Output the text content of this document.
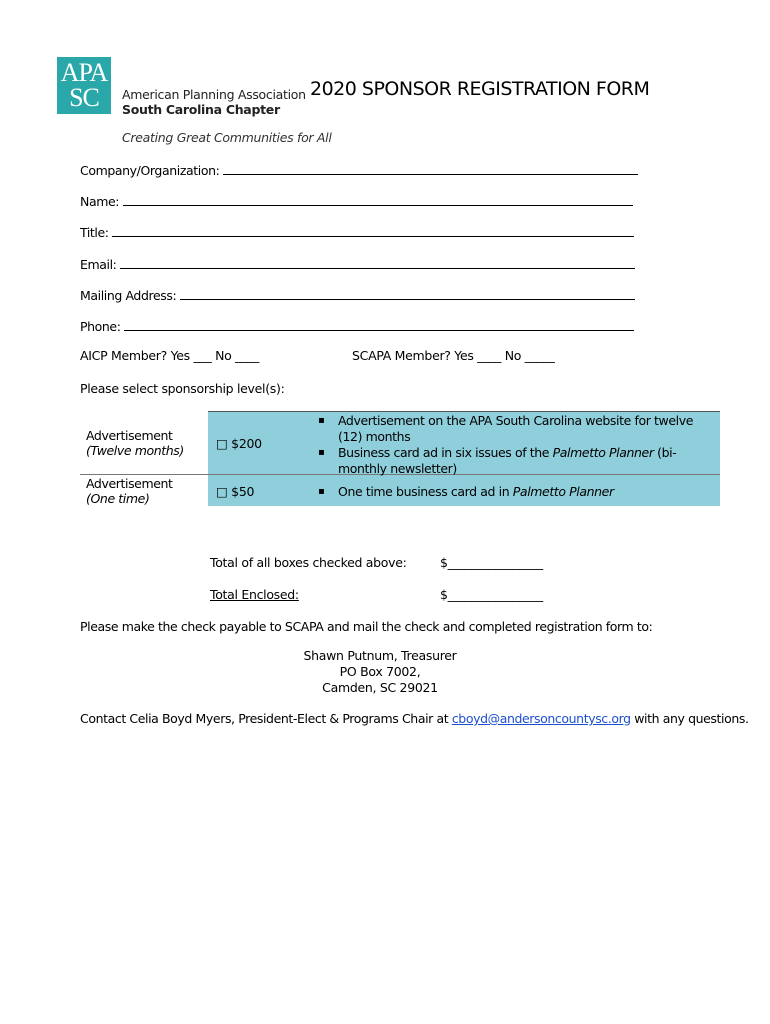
APA
SC	American Planning Association
South Carolina Chapter
Creating Great Communities for All
2020 SPONSOR REGISTRATION FORM
Company/Organization:
Name:
Title:
Email:
Mailing Address:
Phone:
AICP Member? Yes ___ No ____	SCAPA Member? Yes ____ No _____
Please select sponsorship level(s):
Advertisement
(Twelve months)	□ $200
▪ Advertisement on the APA South Carolina website for twelve (12) months
▪ Business card ad in six issues of the Palmetto Planner (bi-monthly newsletter)
Advertisement
(One time)	□ $50
▪	One time business card ad in Palmetto Planner
Total of all boxes checked above:	$________________
Total Enclosed:	$________________
Please make the check payable to SCAPA and mail the check and completed registration form to:
Shawn Putnum, Treasurer
PO Box 7002,
Camden, SC 29021
Contact Celia Boyd Myers, President-Elect & Programs Chair at cboyd@andersoncountysc.org with any questions.
